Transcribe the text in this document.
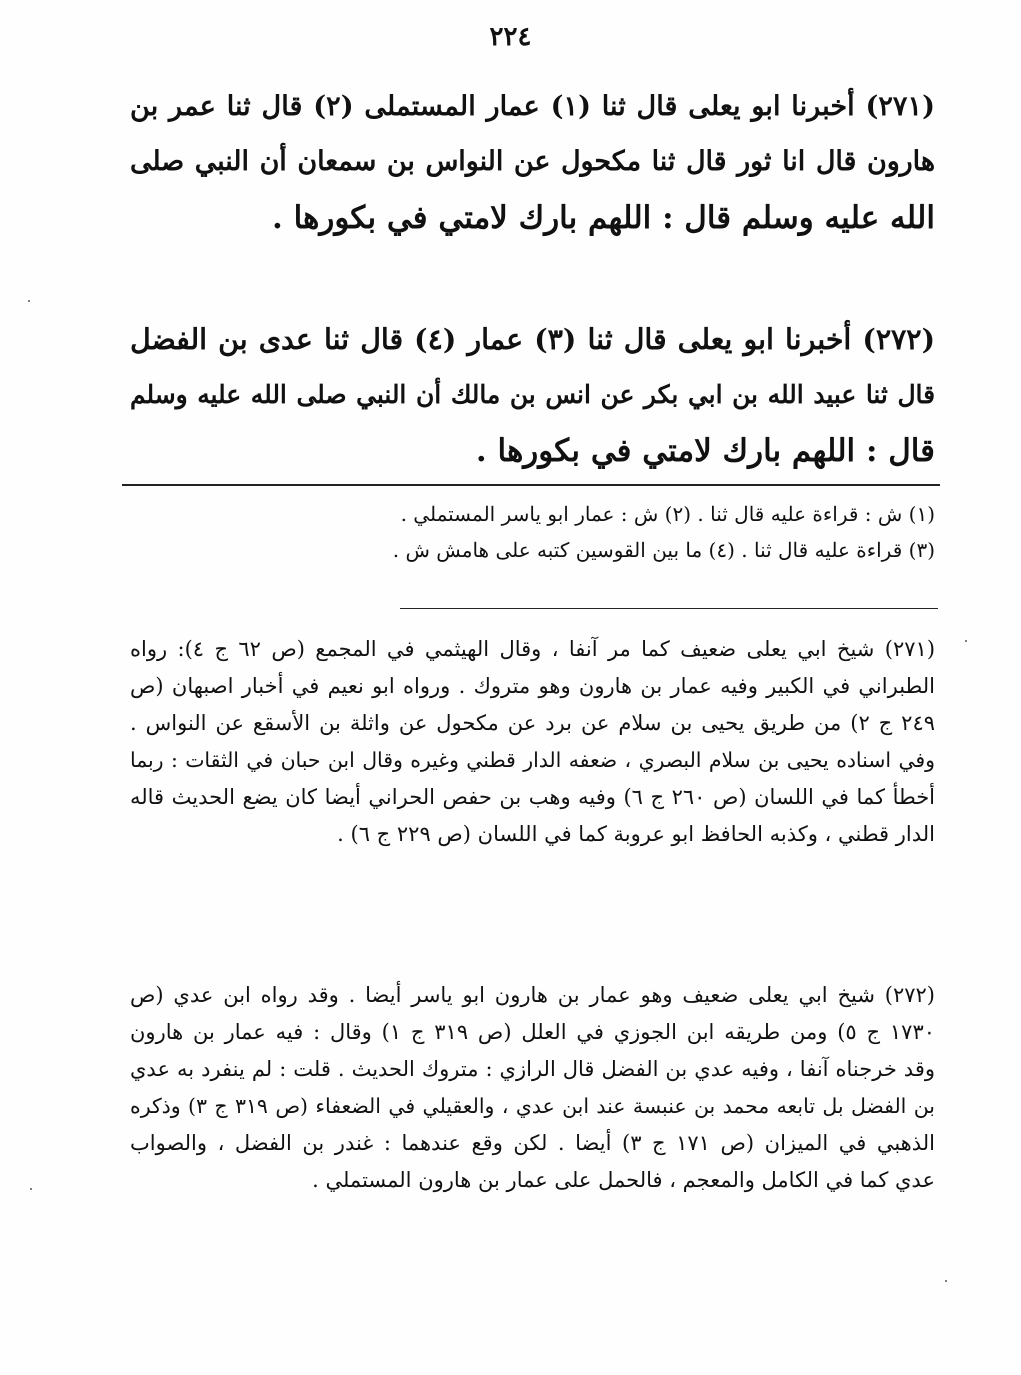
٢٢٤
(٢٧١) أخبرنا ابو يعلى قال ثنا (١) عمار المستملى (٢) قال ثنا عمر بن
هارون قال انا ثور قال ثنا مكحول عن النواس بن سمعان أن النبي صلى
الله عليه وسلم قال : اللهم بارك لامتي في بكورها .
(٢٧٢) أخبرنا ابو يعلى قال ثنا (٣) عمار (٤) قال ثنا عدى بن الفضل
قال ثنا عبيد الله بن ابي بكر عن انس بن مالك أن النبي صلى الله عليه وسلم
قال : اللهم بارك لامتي في بكورها .
(١) ش : قراءة عليه قال ثنا . (٢) ش : عمار ابو ياسر المستملي .
(٣) قراءة عليه قال ثنا . (٤) ما بين القوسين كتبه على هامش ش .
(٢٧١) شيخ ابي يعلى ضعيف كما مر آنفا ، وقال الهيثمي في المجمع (ص ٦٢ ج ٤): رواه
الطبراني في الكبير وفيه عمار بن هارون وهو متروك . ورواه ابو نعيم في أخبار اصبهان (ص
٢٤٩ ج ٢) من طريق يحيى بن سلام عن برد عن مكحول عن واثلة بن الأسقع عن النواس .
وفي اسناده يحيى بن سلام البصري ، ضعفه الدار قطني وغيره وقال ابن حبان في الثقات : ربما
أخطأ كما في اللسان (ص ٢٦٠ ج ٦) وفيه وهب بن حفص الحراني أيضا كان يضع الحديث قاله
الدار قطني ، وكذبه الحافظ ابو عروبة كما في اللسان (ص ٢٢٩ ج ٦) .
(٢٧٢) شيخ ابي يعلى ضعيف وهو عمار بن هارون ابو ياسر أيضا . وقد رواه ابن عدي (ص
١٧٣٠ ج ٥) ومن طريقه ابن الجوزي في العلل (ص ٣١٩ ج ١) وقال : فيه عمار بن هارون
وقد خرجناه آنفا ، وفيه عدي بن الفضل قال الرازي : متروك الحديث . قلت : لم ينفرد به عدي
بن الفضل بل تابعه محمد بن عنبسة عند ابن عدي ، والعقيلي في الضعفاء (ص ٣١٩ ج ٣) وذكره
الذهبي في الميزان (ص ١٧١ ج ٣) أيضا . لكن وقع عندهما : غندر بن الفضل ، والصواب
عدي كما في الكامل والمعجم ، فالحمل على عمار بن هارون المستملي .
